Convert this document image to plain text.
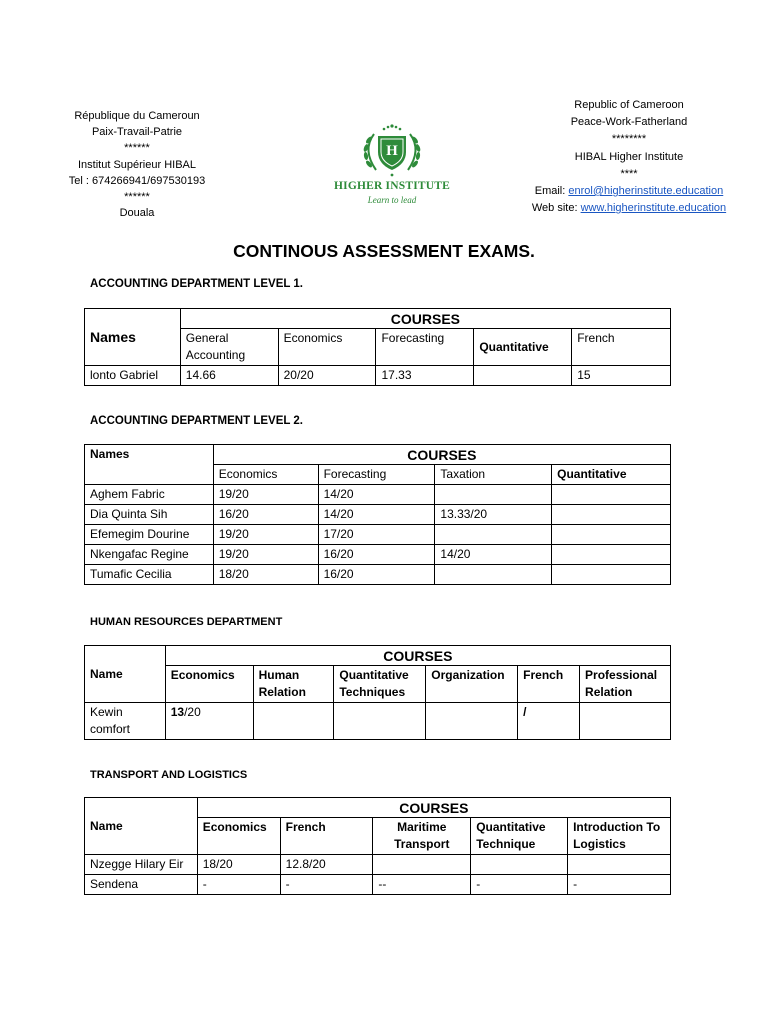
République du Cameroun
Paix-Travail-Patrie
******
Institut Supérieur HIBAL
Tel : 674266941/697530193
******
Douala
H
HIGHER INSTITUTE
Learn to lead
Republic of Cameroon
Peace-Work-Fatherland
********
HIBAL Higher Institute
****
Email: enrol@higherinstitute.education
Web site: www.higherinstitute.education
CONTINOUS ASSESSMENT EXAMS.
ACCOUNTING DEPARTMENT LEVEL 1.
Names	COURSES				
	General Accounting	Economics	Forecasting	Quantitative	French
lonto Gabriel	14.66	20/20	17.33		15
ACCOUNTING DEPARTMENT LEVEL 2.
Names	COURSES			
	Economics	Forecasting	Taxation	Quantitative
Aghem Fabric	19/20	14/20		
Dia Quinta Sih	16/20	14/20	13.33/20	
Efemegim Dourine	19/20	17/20		
Nkengafac Regine	19/20	16/20	14/20	
Tumafic Cecilia	18/20	16/20		
HUMAN RESOURCES DEPARTMENT
Name	COURSES					
	Economics	Human Relation	Quantitative Techniques	Organization	French	Professional Relation
Kewin comfort	13/20				/	
TRANSPORT AND LOGISTICS
Name	COURSES				
	Economics	French	Maritime Transport	Quantitative Technique	Introduction To Logistics
Nzegge Hilary Eir	18/20	12.8/20			
Sendena	-	-	--	-	-
